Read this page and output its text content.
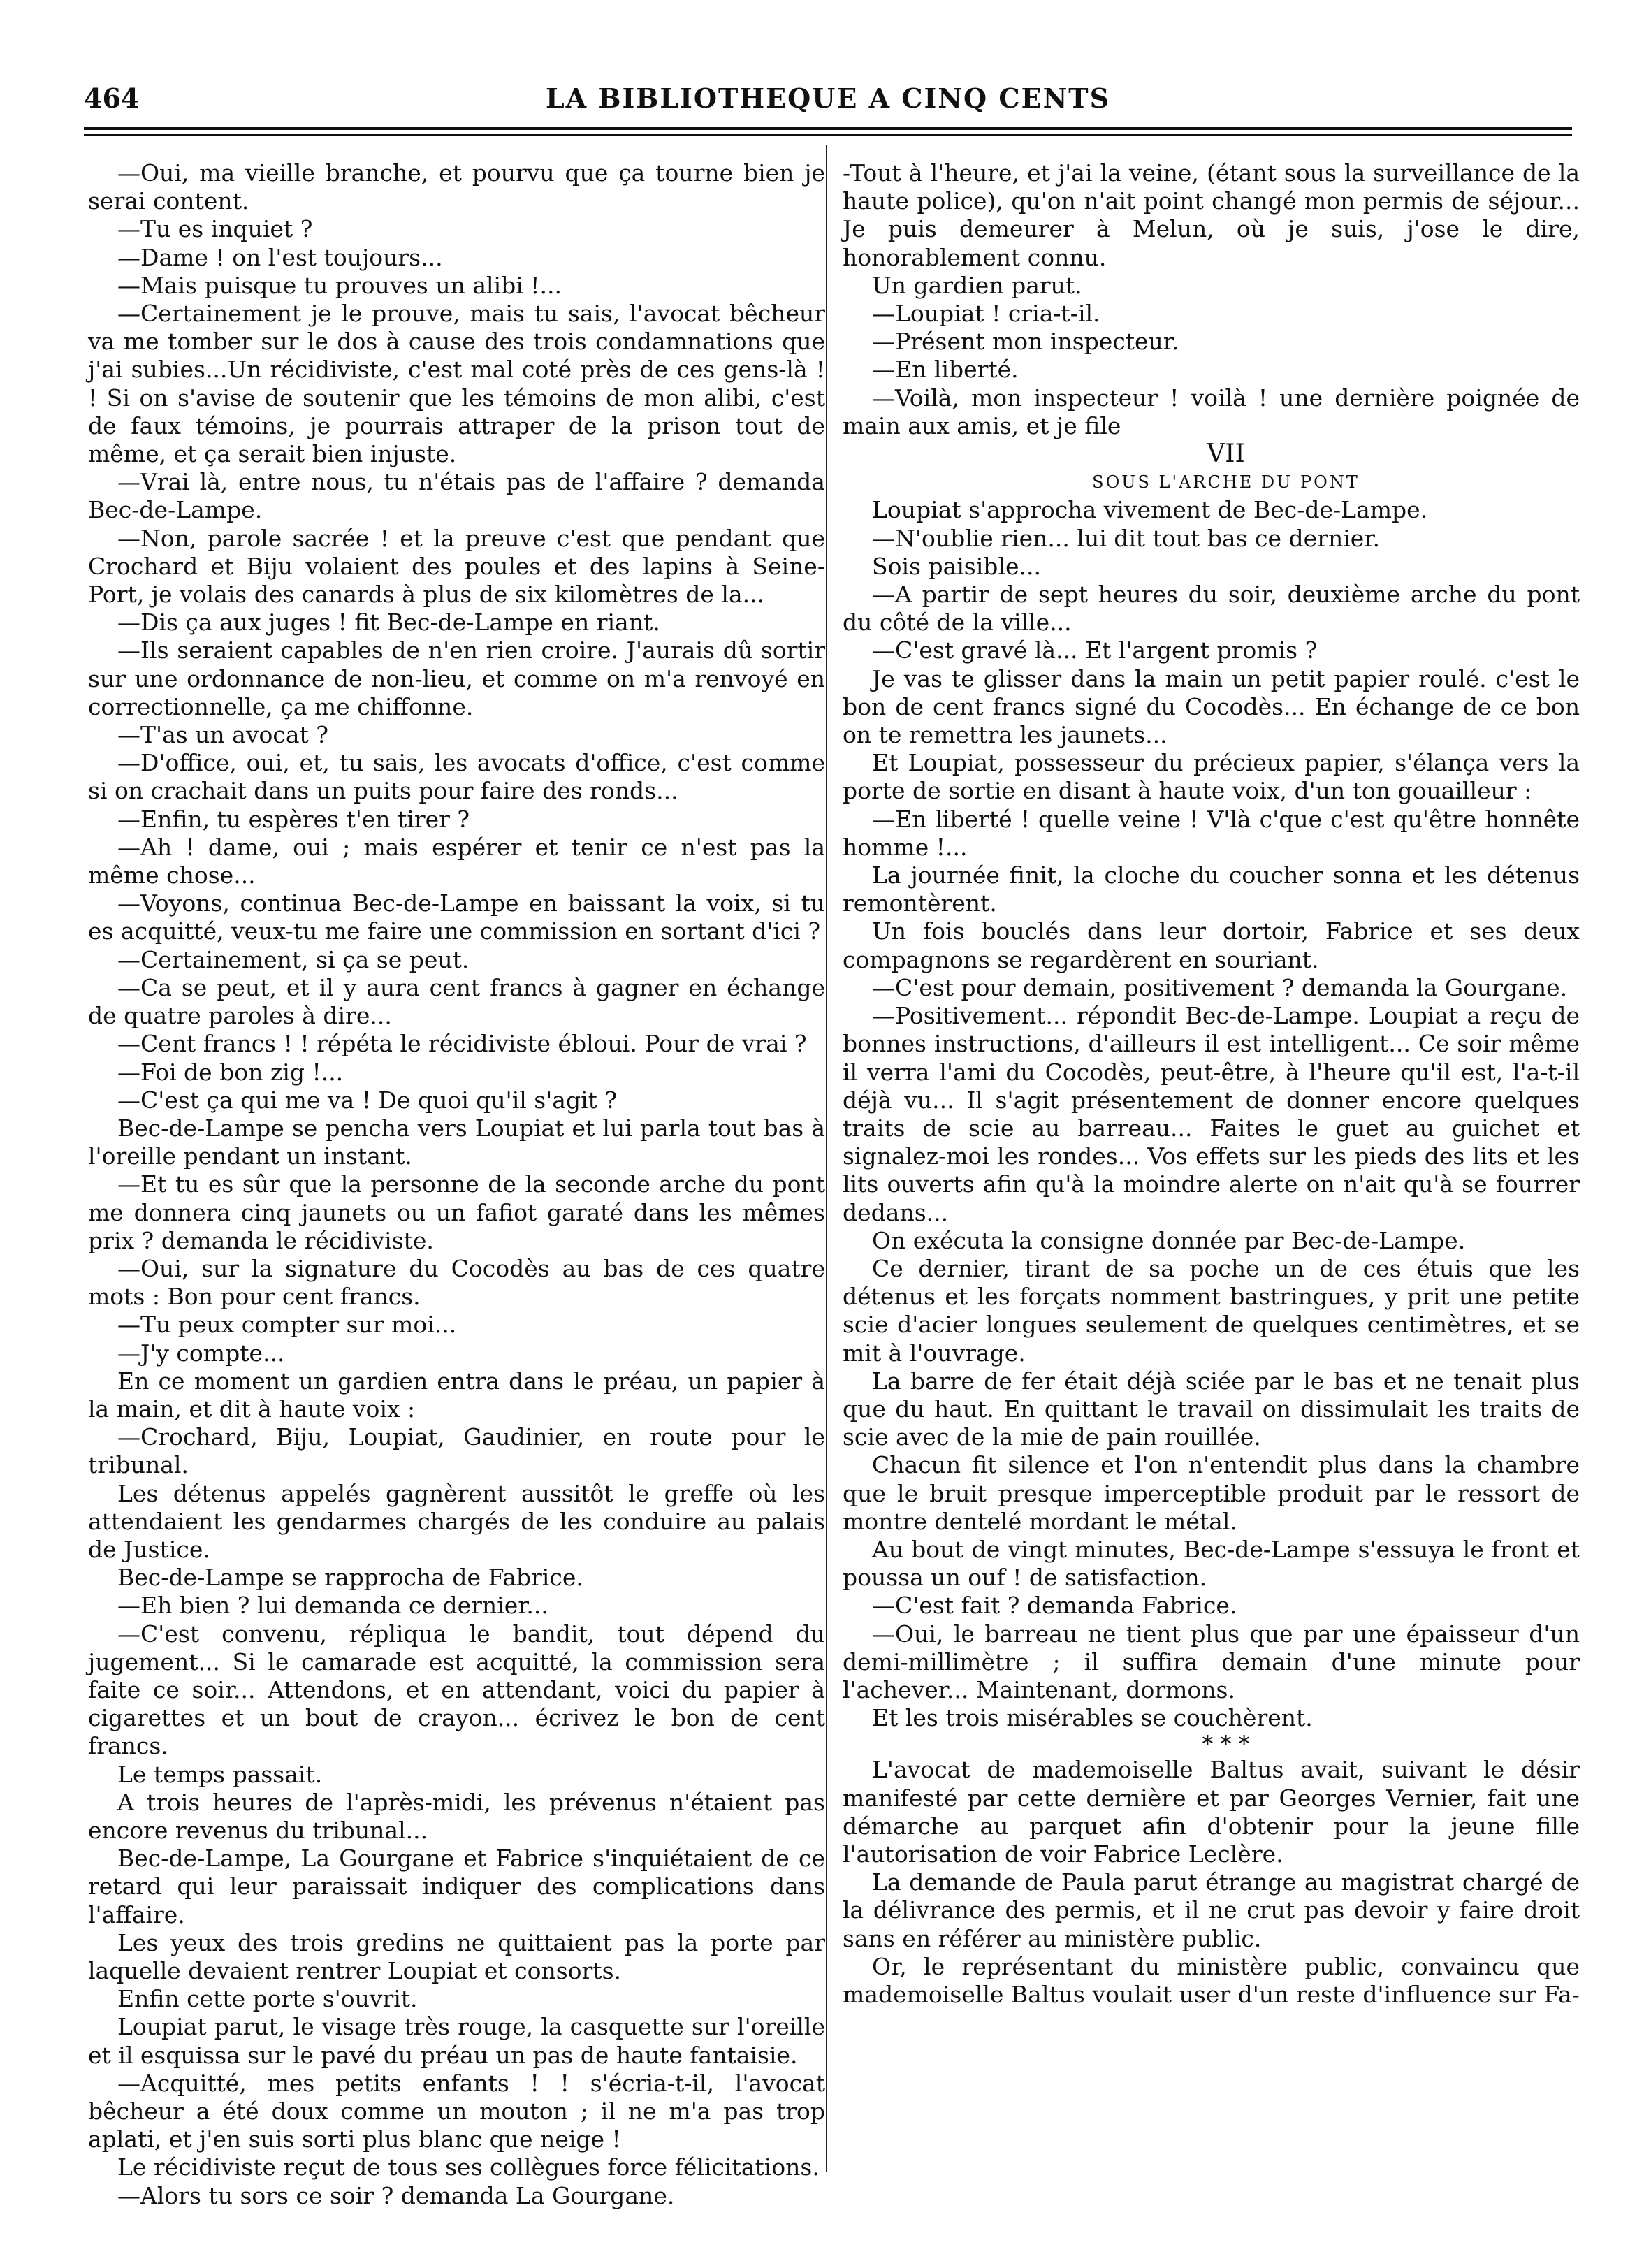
464	LA BIBLIOTHEQUE A CINQ CENTS

—Oui, ma vieille branche, et pourvu que ça tourne bien je serai content.

—Tu es inquiet ?

—Dame ! on l'est toujours...

—Mais puisque tu prouves un alibi !...

—Certainement je le prouve, mais tu sais, l'avocat bêcheur va me tomber sur le dos à cause des trois condamnations que j'ai subies...Un récidiviste, c'est mal coté près de ces gens-là ! ! Si on s'avise de soutenir que les témoins de mon alibi, c'est de faux témoins, je pourrais attraper de la prison tout de même, et ça serait bien injuste.

—Vrai là, entre nous, tu n'étais pas de l'affaire ? demanda Bec-de-Lampe.

—Non, parole sacrée ! et la preuve c'est que pendant que Crochard et Biju volaient des poules et des lapins à Seine-Port, je volais des canards à plus de six kilomètres de la...

—Dis ça aux juges ! fit Bec-de-Lampe en riant.

—Ils seraient capables de n'en rien croire. J'aurais dû sortir sur une ordonnance de non-lieu, et comme on m'a renvoyé en correctionnelle, ça me chiffonne.

—T'as un avocat ?

—D'office, oui, et, tu sais, les avocats d'office, c'est comme si on crachait dans un puits pour faire des ronds...

—Enfin, tu espères t'en tirer ?

—Ah ! dame, oui ; mais espérer et tenir ce n'est pas la même chose...

—Voyons, continua Bec-de-Lampe en baissant la voix, si tu es acquitté, veux-tu me faire une commission en sortant d'ici ?

—Certainement, si ça se peut.

—Ca se peut, et il y aura cent francs à gagner en échange de quatre paroles à dire...

—Cent francs ! ! répéta le récidiviste ébloui. Pour de vrai ?

—Foi de bon zig !...

—C'est ça qui me va ! De quoi qu'il s'agit ?

Bec-de-Lampe se pencha vers Loupiat et lui parla tout bas à l'oreille pendant un instant.

—Et tu es sûr que la personne de la seconde arche du pont me donnera cinq jaunets ou un fafiot garaté dans les mêmes prix ? demanda le récidiviste.

—Oui, sur la signature du Cocodès au bas de ces quatre mots : Bon pour cent francs.

—Tu peux compter sur moi...

—J'y compte...

En ce moment un gardien entra dans le préau, un papier à la main, et dit à haute voix :

—Crochard, Biju, Loupiat, Gaudinier, en route pour le tribunal.

Les détenus appelés gagnèrent aussitôt le greffe où les attendaient les gendarmes chargés de les conduire au palais de Justice.

Bec-de-Lampe se rapprocha de Fabrice.

—Eh bien ? lui demanda ce dernier...

—C'est convenu, répliqua le bandit, tout dépend du jugement... Si le camarade est acquitté, la commission sera faite ce soir... Attendons, et en attendant, voici du papier à cigarettes et un bout de crayon... écrivez le bon de cent francs.

Le temps passait.

A trois heures de l'après-midi, les prévenus n'étaient pas encore revenus du tribunal...

Bec-de-Lampe, La Gourgane et Fabrice s'inquiétaient de ce retard qui leur paraissait indiquer des complications dans l'affaire.

Les yeux des trois gredins ne quittaient pas la porte par laquelle devaient rentrer Loupiat et consorts.

Enfin cette porte s'ouvrit.

Loupiat parut, le visage très rouge, la casquette sur l'oreille et il esquissa sur le pavé du préau un pas de haute fantaisie.

—Acquitté, mes petits enfants ! ! s'écria-t-il, l'avocat bêcheur a été doux comme un mouton ; il ne m'a pas trop aplati, et j'en suis sorti plus blanc que neige !

Le récidiviste reçut de tous ses collègues force félicitations.

—Alors tu sors ce soir ? demanda La Gourgane.

-Tout à l'heure, et j'ai la veine, (étant sous la surveillance de la haute police), qu'on n'ait point changé mon permis de séjour... Je puis demeurer à Melun, où je suis, j'ose le dire, honorablement connu.

Un gardien parut.

—Loupiat ! cria-t-il.

—Présent mon inspecteur.

—En liberté.

—Voilà, mon inspecteur ! voilà ! une dernière poignée de main aux amis, et je file

VII

SOUS L'ARCHE DU PONT

Loupiat s'approcha vivement de Bec-de-Lampe.

—N'oublie rien... lui dit tout bas ce dernier.

Sois paisible...

—A partir de sept heures du soir, deuxième arche du pont du côté de la ville...

—C'est gravé là... Et l'argent promis ?

Je vas te glisser dans la main un petit papier roulé. c'est le bon de cent francs signé du Cocodès... En échange de ce bon on te remettra les jaunets...

Et Loupiat, possesseur du précieux papier, s'élança vers la porte de sortie en disant à haute voix, d'un ton gouailleur :

—En liberté ! quelle veine ! V'là c'que c'est qu'être honnête homme !...

La journée finit, la cloche du coucher sonna et les détenus remontèrent.

Un fois bouclés dans leur dortoir, Fabrice et ses deux compagnons se regardèrent en souriant.

—C'est pour demain, positivement ? demanda la Gourgane.

—Positivement... répondit Bec-de-Lampe. Loupiat a reçu de bonnes instructions, d'ailleurs il est intelligent... Ce soir même il verra l'ami du Cocodès, peut-être, à l'heure qu'il est, l'a-t-il déjà vu... Il s'agit présentement de donner encore quelques traits de scie au barreau... Faites le guet au guichet et signalez-moi les rondes... Vos effets sur les pieds des lits et les lits ouverts afin qu'à la moindre alerte on n'ait qu'à se fourrer dedans...

On exécuta la consigne donnée par Bec-de-Lampe.

Ce dernier, tirant de sa poche un de ces étuis que les détenus et les forçats nomment bastringues, y prit une petite scie d'acier longues seulement de quelques centimètres, et se mit à l'ouvrage.

La barre de fer était déjà sciée par le bas et ne tenait plus que du haut. En quittant le travail on dissimulait les traits de scie avec de la mie de pain rouillée.

Chacun fit silence et l'on n'entendit plus dans la chambre que le bruit presque imperceptible produit par le ressort de montre dentelé mordant le métal.

Au bout de vingt minutes, Bec-de-Lampe s'essuya le front et poussa un ouf ! de satisfaction.

—C'est fait ? demanda Fabrice.

—Oui, le barreau ne tient plus que par une épaisseur d'un demi-millimètre ; il suffira demain d'une minute pour l'achever... Maintenant, dormons.

Et les trois misérables se couchèrent.

* * *

L'avocat de mademoiselle Baltus avait, suivant le désir manifesté par cette dernière et par Georges Vernier, fait une démarche au parquet afin d'obtenir pour la jeune fille l'autorisation de voir Fabrice Leclère.

La demande de Paula parut étrange au magistrat chargé de la délivrance des permis, et il ne crut pas devoir y faire droit sans en référer au ministère public.

Or, le représentant du ministère public, convaincu que mademoiselle Baltus voulait user d'un reste d'influence sur Fa-
